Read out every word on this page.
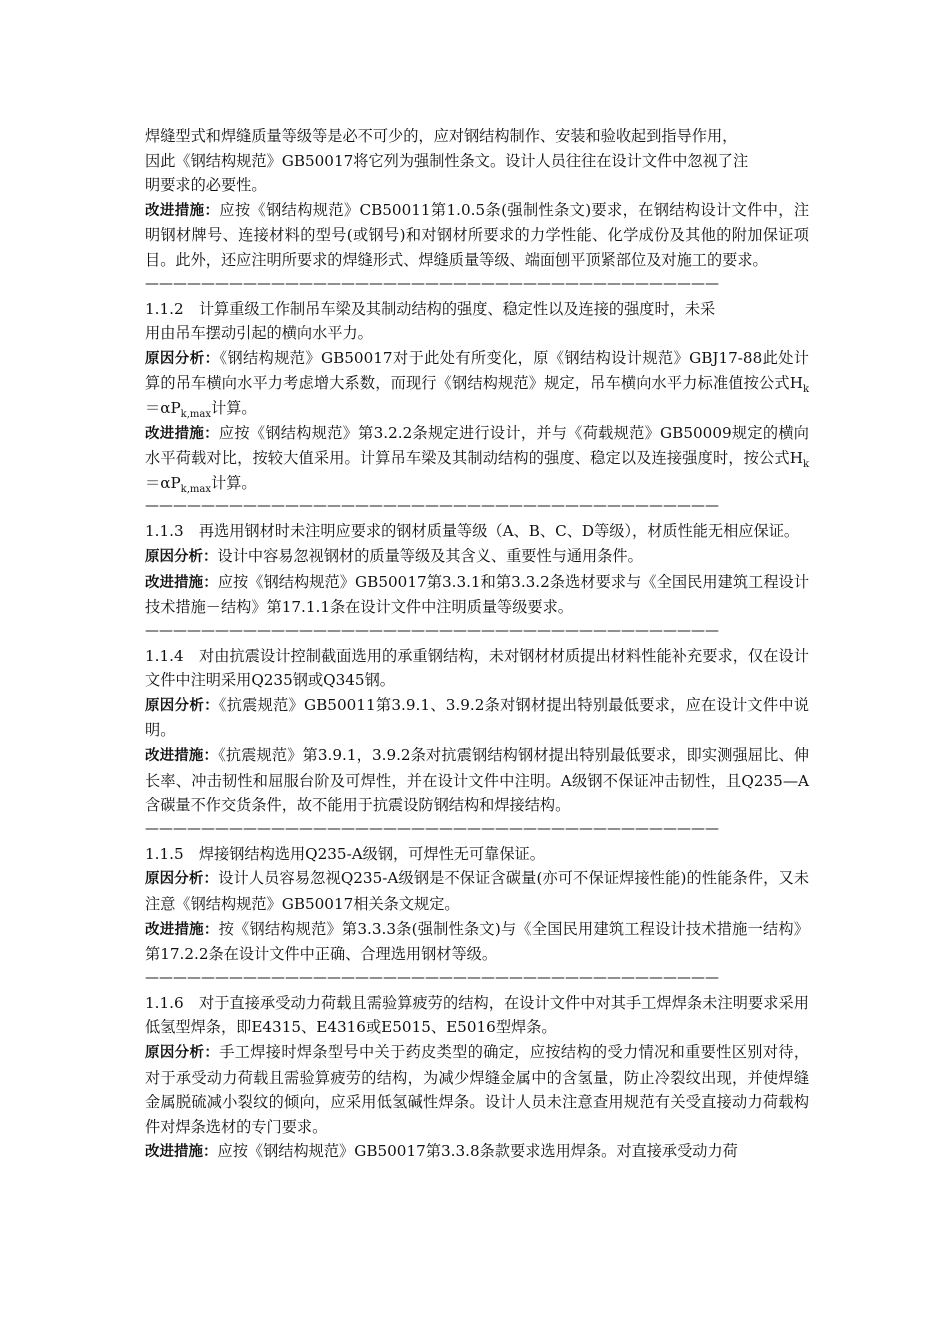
焊缝型式和焊缝质量等级等是必不可少的，应对钢结构制作、安装和验收起到指导作用，

因此《钢结构规范》GB50017将它列为强制性条文。设计人员往往在设计文件中忽视了注

明要求的必要性。

改进措施：应按《钢结构规范》CB50011第1.0.5条(强制性条文)要求，在钢结构设计文件中，注明钢材牌号、连接材料的型号(或钢号)和对钢材所要求的力学性能、化学成份及其他的附加保证项目。此外，还应注明所要求的焊缝形式、焊缝质量等级、端面刨平顶紧部位及对施工的要求。

—————————————————————————————————————————

1.1.2　计算重级工作制吊车梁及其制动结构的强度、稳定性以及连接的强度时，未采

用由吊车摆动引起的横向水平力。

原因分析：《钢结构规范》GB50017对于此处有所变化，原《钢结构设计规范》GBJ17-88此处计算的吊车横向水平力考虑增大系数，而现行《钢结构规范》规定，吊车横向水平力标准值按公式$H_k=\alpha P_{k,max}$计算。

改进措施：应按《钢结构规范》第3.2.2条规定进行设计，并与《荷载规范》GB50009规定的横向水平荷载对比，按较大值采用。计算吊车梁及其制动结构的强度、稳定以及连接强度时，按公式$H_k=\alpha P_{k,max}$计算。

—————————————————————————————————————————

1.1.3　再选用钢材时未注明应要求的钢材质量等级（A、B、C、D等级），材质性能无相应保证。

原因分析：设计中容易忽视钢材的质量等级及其含义、重要性与通用条件。

改进措施：应按《钢结构规范》GB50017第3.3.1和第3.3.2条选材要求与《全国民用建筑工程设计技术措施－结构》第17.1.1条在设计文件中注明质量等级要求。

—————————————————————————————————————————

1.1.4　对由抗震设计控制截面选用的承重钢结构，未对钢材材质提出材料性能补充要求，仅在设计文件中注明采用Q235钢或Q345钢。

原因分析：《抗震规范》GB50011第3.9.1、3.9.2条对钢材提出特别最低要求，应在设计文件中说明。

改进措施：《抗震规范》第3.9.1，3.9.2条对抗震钢结构钢材提出特别最低要求，即实测强屈比、伸长率、冲击韧性和屈服台阶及可焊性，并在设计文件中注明。A级钢不保证冲击韧性，且Q235—A含碳量不作交货条件，故不能用于抗震设防钢结构和焊接结构。

—————————————————————————————————————————

1.1.5　焊接钢结构选用Q235-A级钢，可焊性无可靠保证。

原因分析：设计人员容易忽视Q235-A级钢是不保证含碳量(亦可不保证焊接性能)的性能条件，又未注意《钢结构规范》GB50017相关条文规定。

改进措施：按《钢结构规范》第3.3.3条(强制性条文)与《全国民用建筑工程设计技术措施一结构》第17.2.2条在设计文件中正确、合理选用钢材等级。

—————————————————————————————————————————

1.1.6　对于直接承受动力荷载且需验算疲劳的结构，在设计文件中对其手工焊焊条未注明要求采用低氢型焊条，即E4315、E4316或E5015、E5016型焊条。

原因分析：手工焊接时焊条型号中关于药皮类型的确定，应按结构的受力情况和重要性区别对待，对于承受动力荷载且需验算疲劳的结构，为减少焊缝金属中的含氢量，防止冷裂纹出现，并使焊缝金属脱硫减小裂纹的倾向，应采用低氢碱性焊条。设计人员未注意查用规范有关受直接动力荷载构件对焊条选材的专门要求。

改进措施：应按《钢结构规范》GB50017第3.3.8条款要求选用焊条。对直接承受动力荷
